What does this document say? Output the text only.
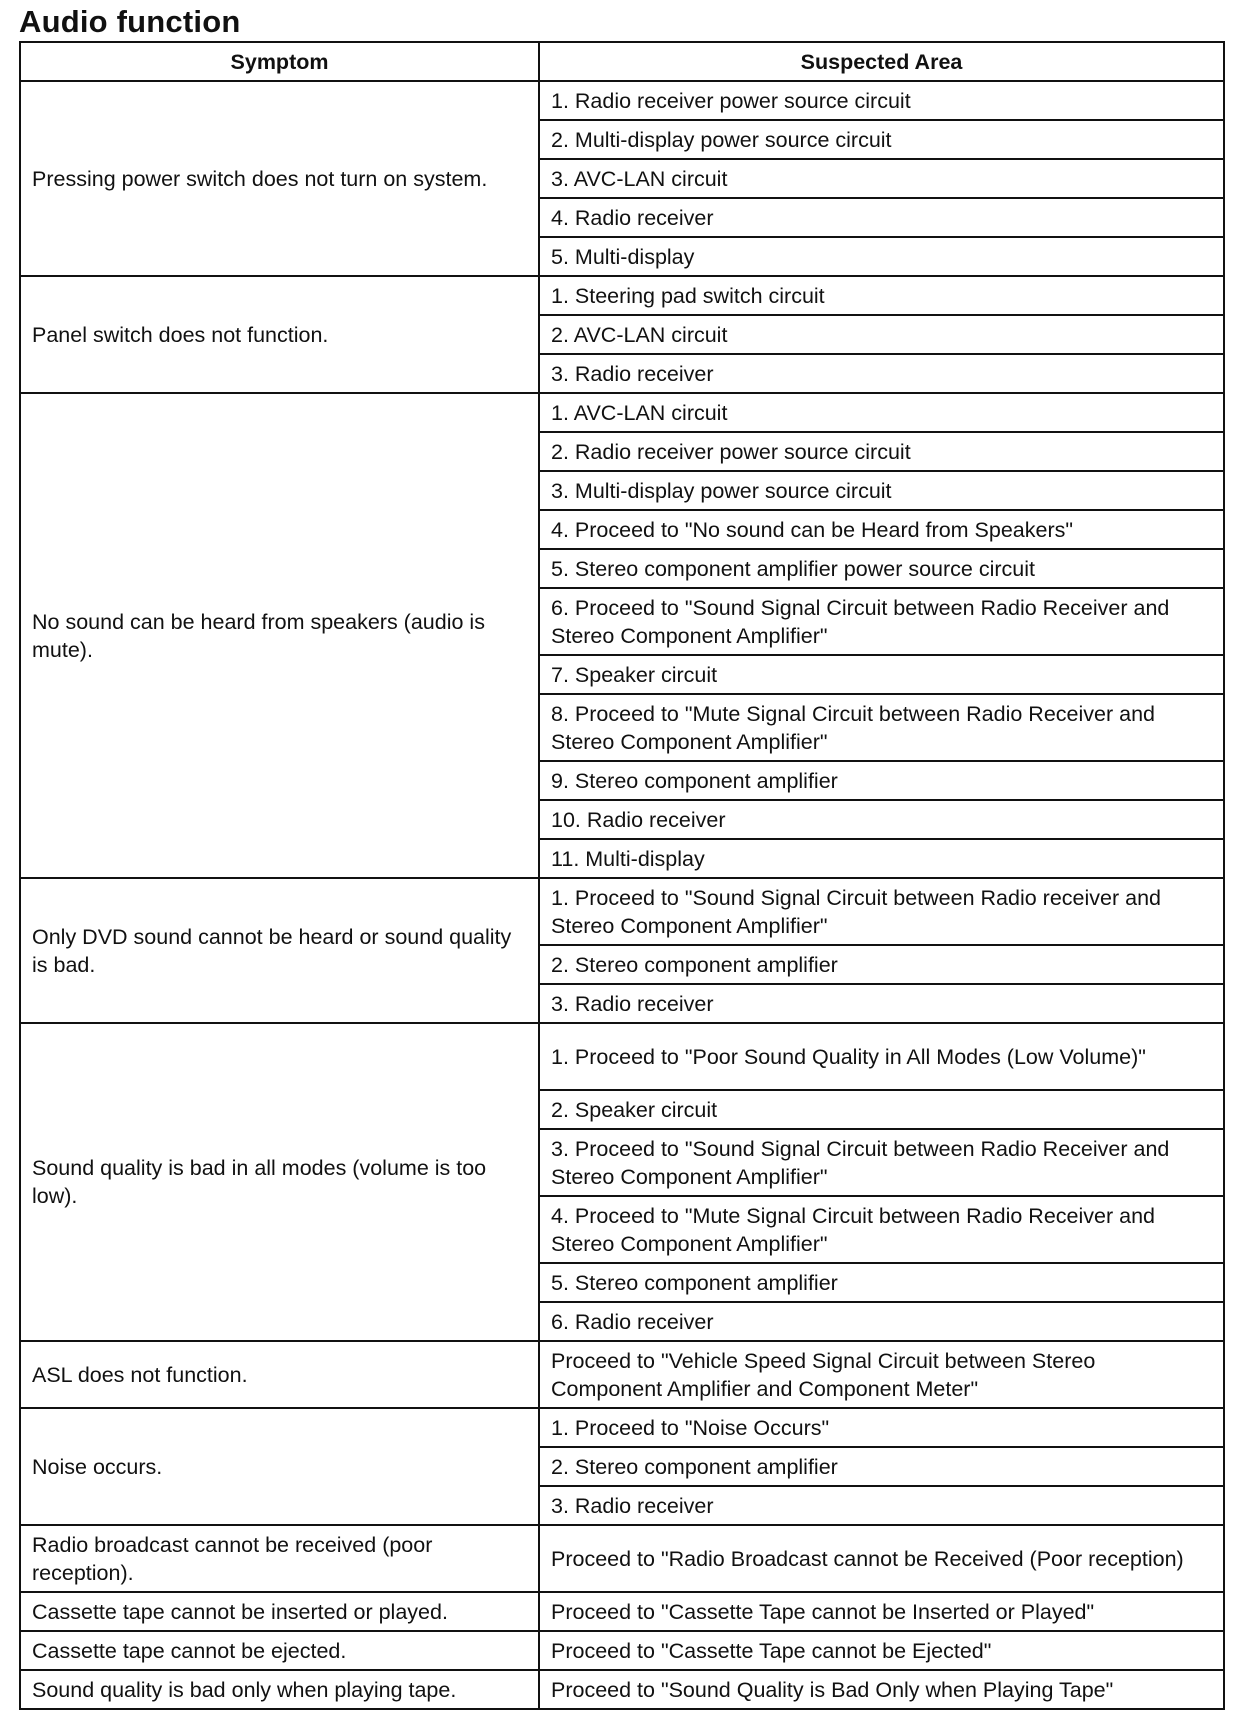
Audio function
Symptom	Suspected Area
Pressing power switch does not turn on system.	1. Radio receiver power source circuit
	2. Multi-display power source circuit
	3. AVC-LAN circuit
	4. Radio receiver
	5. Multi-display
Panel switch does not function.	1. Steering pad switch circuit
	2. AVC-LAN circuit
	3. Radio receiver
No sound can be heard from speakers (audio is mute).	1. AVC-LAN circuit
	2. Radio receiver power source circuit
	3. Multi-display power source circuit
	4. Proceed to "No sound can be Heard from Speakers"
	5. Stereo component amplifier power source circuit
	6. Proceed to "Sound Signal Circuit between Radio Receiver and Stereo Component Amplifier"
	7. Speaker circuit
	8. Proceed to "Mute Signal Circuit between Radio Receiver and Stereo Component Amplifier"
	9. Stereo component amplifier
	10. Radio receiver
	11. Multi-display
Only DVD sound cannot be heard or sound quality is bad.	1. Proceed to "Sound Signal Circuit between Radio receiver and Stereo Component Amplifier"
	2. Stereo component amplifier
	3. Radio receiver
Sound quality is bad in all modes (volume is too low).	1. Proceed to "Poor Sound Quality in All Modes (Low Volume)"
	2. Speaker circuit
	3. Proceed to "Sound Signal Circuit between Radio Receiver and Stereo Component Amplifier"
	4. Proceed to "Mute Signal Circuit between Radio Receiver and Stereo Component Amplifier"
	5. Stereo component amplifier
	6. Radio receiver
ASL does not function.	Proceed to "Vehicle Speed Signal Circuit between Stereo Component Amplifier and Component Meter"
Noise occurs.	1. Proceed to "Noise Occurs"
	2. Stereo component amplifier
	3. Radio receiver
Radio broadcast cannot be received (poor reception).	Proceed to "Radio Broadcast cannot be Received (Poor reception)
Cassette tape cannot be inserted or played.	Proceed to "Cassette Tape cannot be Inserted or Played"
Cassette tape cannot be ejected.	Proceed to "Cassette Tape cannot be Ejected"
Sound quality is bad only when playing tape.	Proceed to "Sound Quality is Bad Only when Playing Tape"
